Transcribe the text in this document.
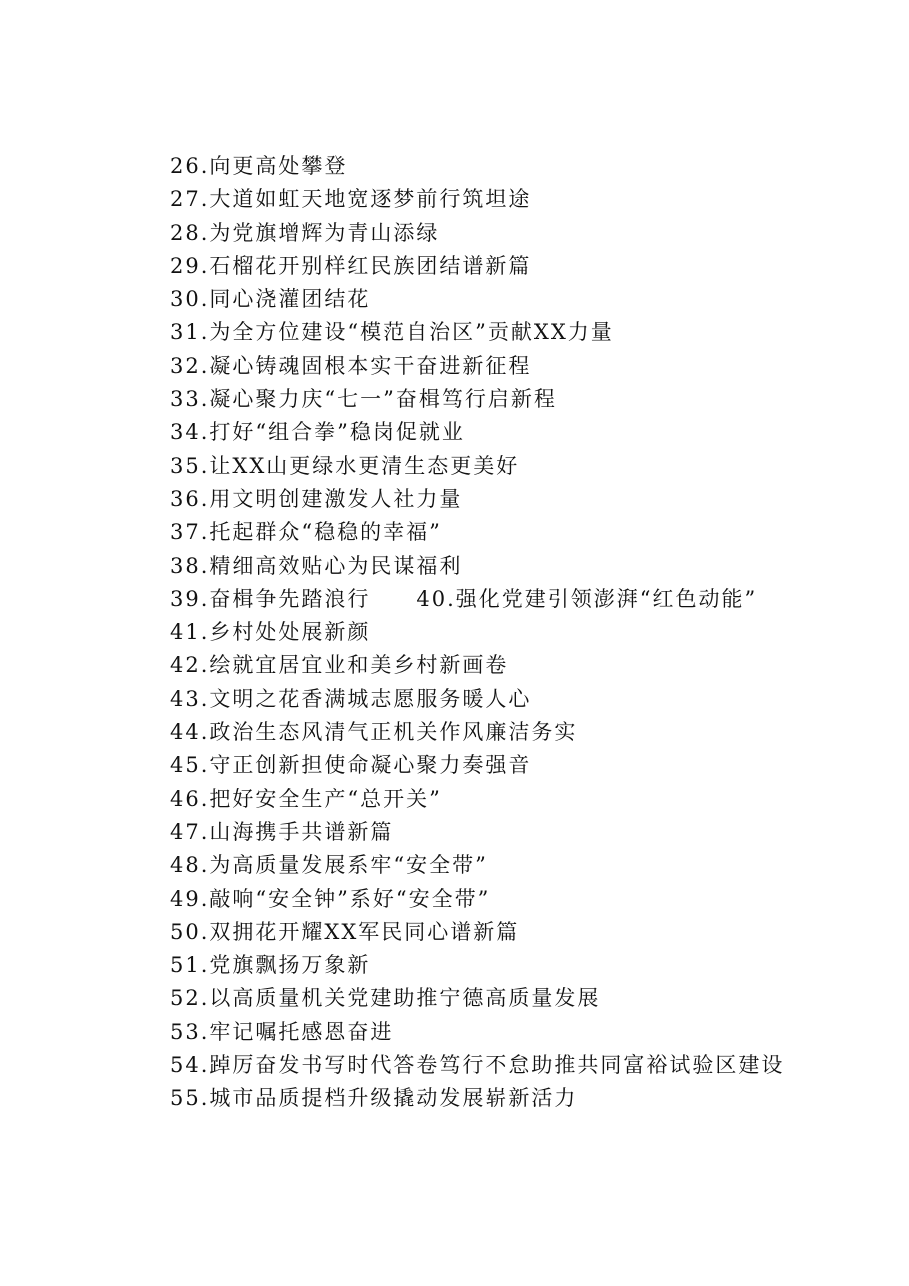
26.向更高处攀登
27.大道如虹天地宽逐梦前行筑坦途
28.为党旗增辉为青山添绿
29.石榴花开别样红民族团结谱新篇
30.同心浇灌团结花
31.为全方位建设“模范自治区”贡献XX力量
32.凝心铸魂固根本实干奋进新征程
33.凝心聚力庆“七一”奋楫笃行启新程
34.打好“组合拳”稳岗促就业
35.让XX山更绿水更清生态更美好
36.用文明创建激发人社力量
37.托起群众“稳稳的幸福”
38.精细高效贴心为民谋福利
39.奋楫争先踏浪行　　40.强化党建引领澎湃“红色动能”
41.乡村处处展新颜
42.绘就宜居宜业和美乡村新画卷
43.文明之花香满城志愿服务暖人心
44.政治生态风清气正机关作风廉洁务实
45.守正创新担使命凝心聚力奏强音
46.把好安全生产“总开关”
47.山海携手共谱新篇
48.为高质量发展系牢“安全带”
49.敲响“安全钟”系好“安全带”
50.双拥花开耀XX军民同心谱新篇
51.党旗飘扬万象新
52.以高质量机关党建助推宁德高质量发展
53.牢记嘱托感恩奋进
54.踔厉奋发书写时代答卷笃行不怠助推共同富裕试验区建设
55.城市品质提档升级撬动发展崭新活力
